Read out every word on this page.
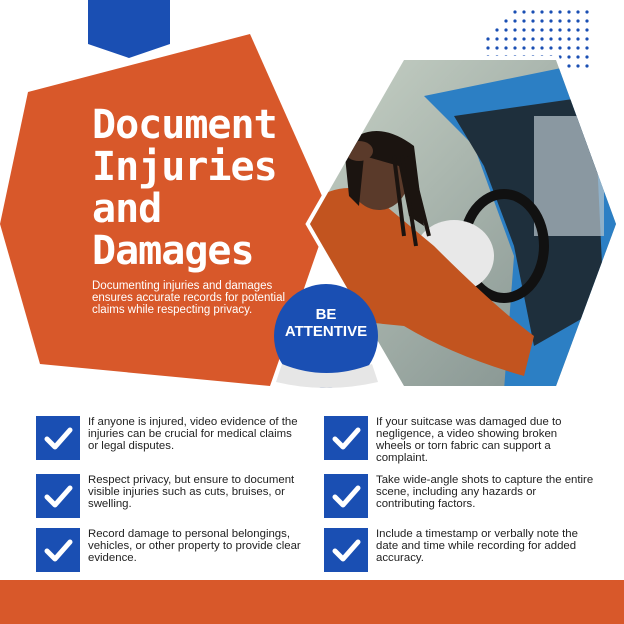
Document
Injuries
and
Damages
Documenting injuries and damages ensures accurate records for potential claims while respecting privacy.	BE
ATTENTIVE
If anyone is injured, video evidence of the injuries can be crucial for medical claims or legal disputes.
If your suitcase was damaged due to negligence, a video showing broken wheels or torn fabric can support a complaint.
Respect privacy, but ensure to document visible injuries such as cuts, bruises, or swelling.
Take wide-angle shots to capture the entire scene, including any hazards or contributing factors.
Record damage to personal belongings, vehicles, or other property to provide clear evidence.
Include a timestamp or verbally note the date and time while recording for added accuracy.
